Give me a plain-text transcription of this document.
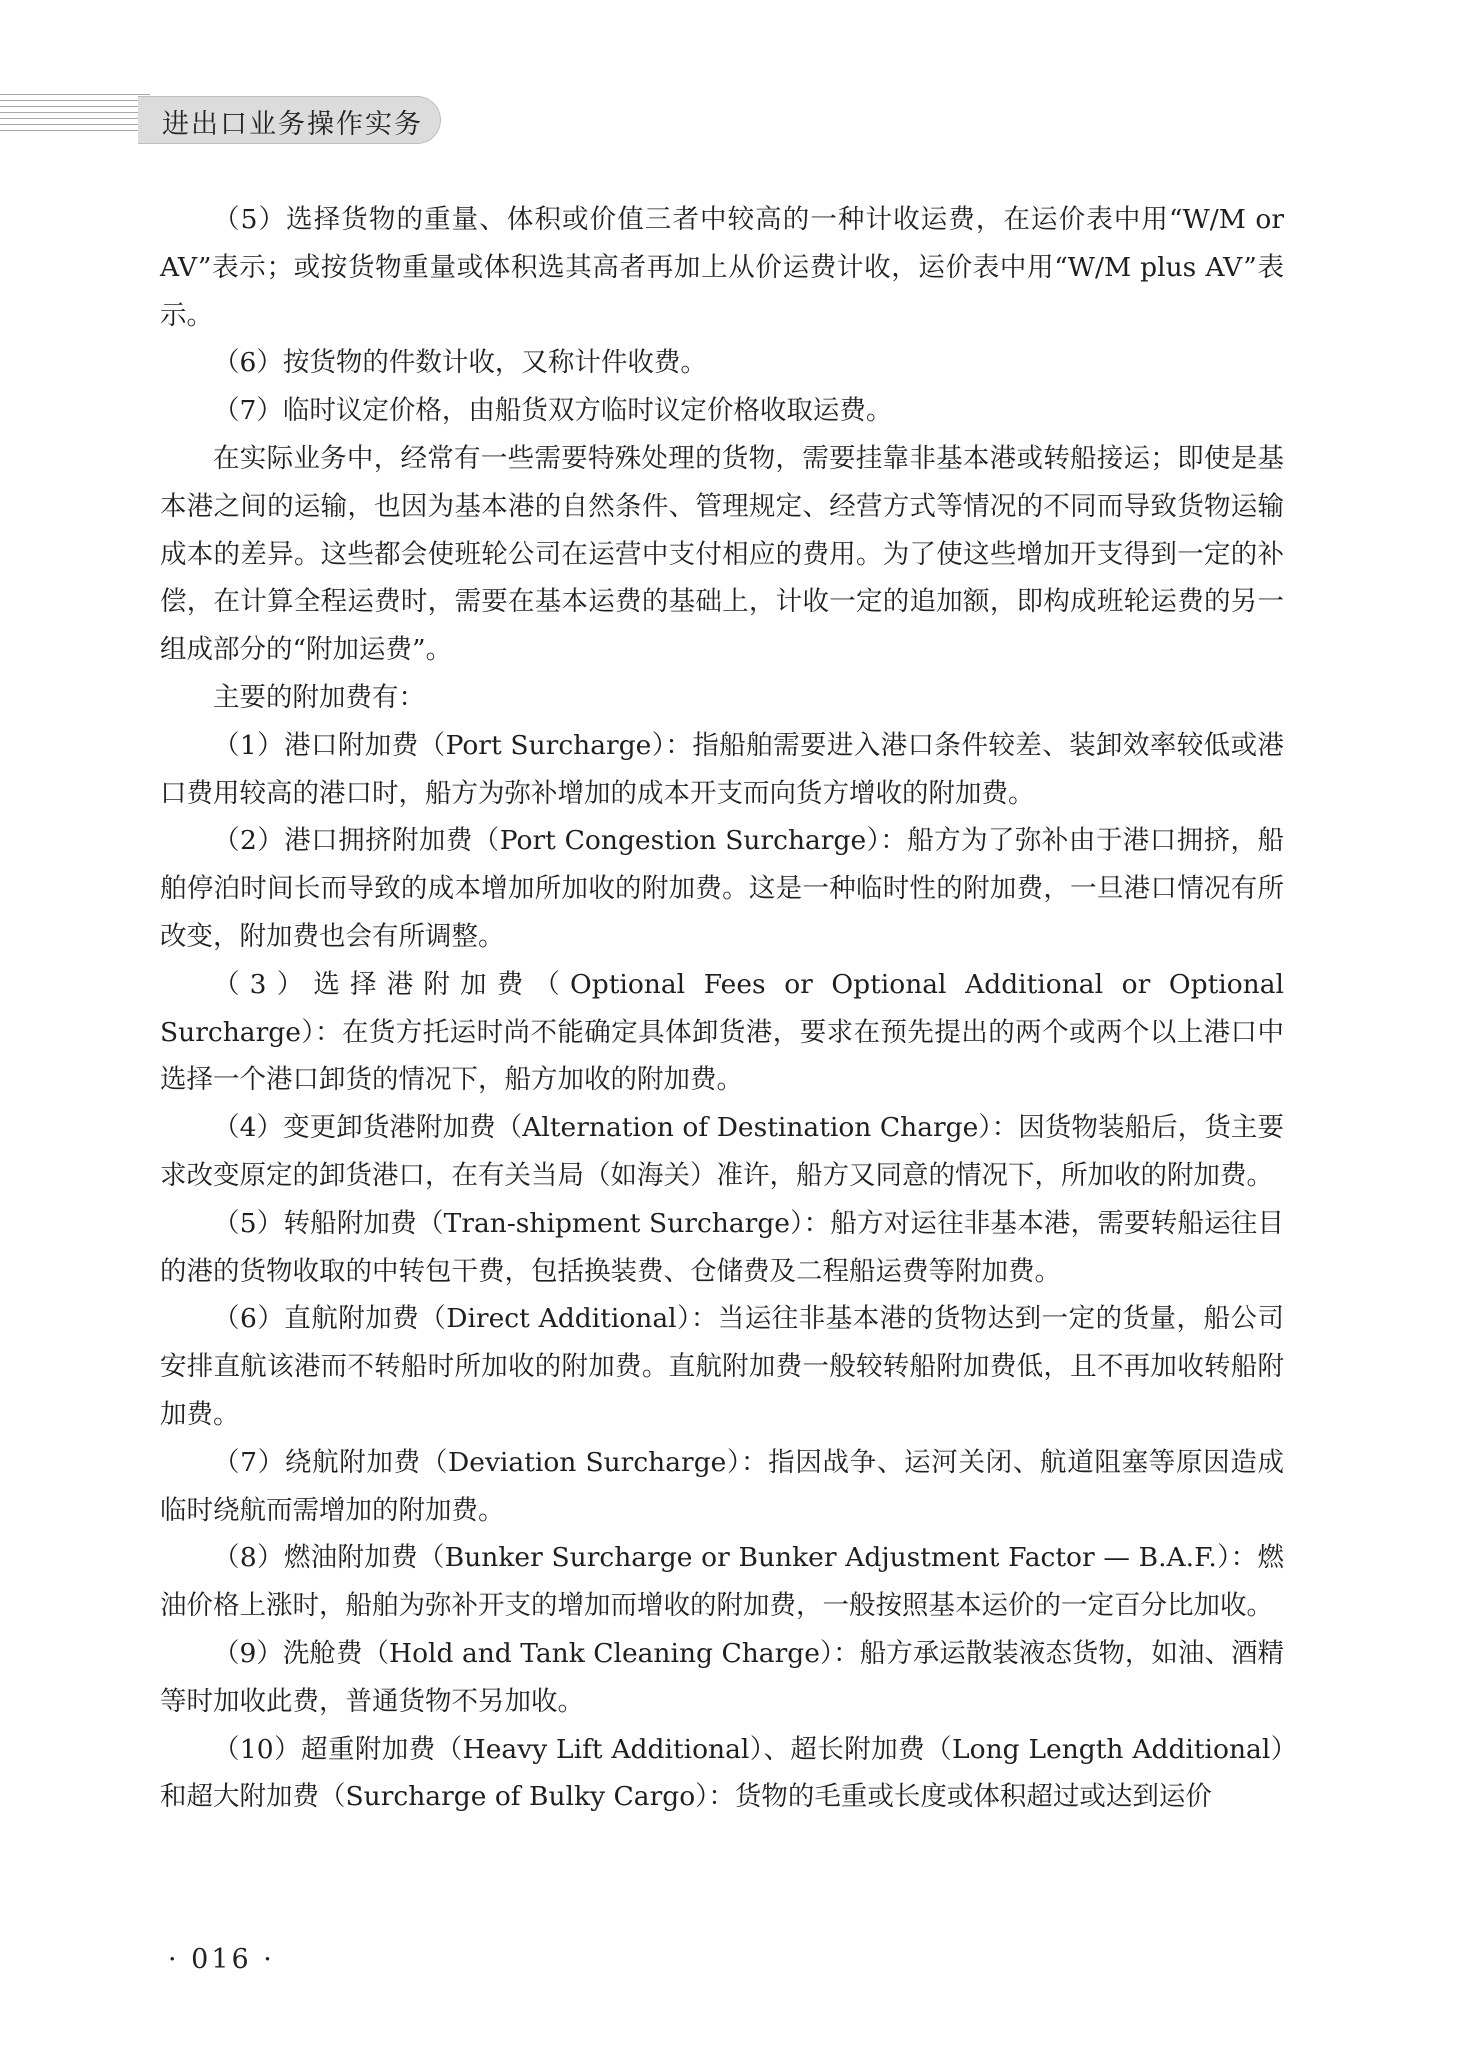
进出口业务操作实务

（5）选择货物的重量、体积或价值三者中较高的一种计收运费，在运价表中用“W/M or AV”表示；或按货物重量或体积选其高者再加上从价运费计收，运价表中用“W/M plus AV”表示。

（6）按货物的件数计收，又称计件收费。

（7）临时议定价格，由船货双方临时议定价格收取运费。

在实际业务中，经常有一些需要特殊处理的货物，需要挂靠非基本港或转船接运；即使是基本港之间的运输，也因为基本港的自然条件、管理规定、经营方式等情况的不同而导致货物运输成本的差异。这些都会使班轮公司在运营中支付相应的费用。为了使这些增加开支得到一定的补偿，在计算全程运费时，需要在基本运费的基础上，计收一定的追加额，即构成班轮运费的另一组成部分的“附加运费”。

主要的附加费有：

（1）港口附加费（Port Surcharge）：指船舶需要进入港口条件较差、装卸效率较低或港口费用较高的港口时，船方为弥补增加的成本开支而向货方增收的附加费。

（2）港口拥挤附加费（Port Congestion Surcharge）：船方为了弥补由于港口拥挤，船舶停泊时间长而导致的成本增加所加收的附加费。这是一种临时性的附加费，一旦港口情况有所改变，附加费也会有所调整。

（3）选择港附加费（Optional Fees or Optional Additional or Optional Surcharge）：在货方托运时尚不能确定具体卸货港，要求在预先提出的两个或两个以上港口中选择一个港口卸货的情况下，船方加收的附加费。

（4）变更卸货港附加费（Alternation of Destination Charge）：因货物装船后，货主要求改变原定的卸货港口，在有关当局（如海关）准许，船方又同意的情况下，所加收的附加费。

（5）转船附加费（Tran-shipment Surcharge）：船方对运往非基本港，需要转船运往目的港的货物收取的中转包干费，包括换装费、仓储费及二程船运费等附加费。

（6）直航附加费（Direct Additional）：当运往非基本港的货物达到一定的货量，船公司安排直航该港而不转船时所加收的附加费。直航附加费一般较转船附加费低，且不再加收转船附加费。

（7）绕航附加费（Deviation Surcharge）：指因战争、运河关闭、航道阻塞等原因造成临时绕航而需增加的附加费。

（8）燃油附加费（Bunker Surcharge or Bunker Adjustment Factor — B.A.F.）：燃油价格上涨时，船舶为弥补开支的增加而增收的附加费，一般按照基本运价的一定百分比加收。

（9）洗舱费（Hold and Tank Cleaning Charge）：船方承运散装液态货物，如油、酒精等时加收此费，普通货物不另加收。

（10）超重附加费（Heavy Lift Additional）、超长附加费（Long Length Additional）和超大附加费（Surcharge of Bulky Cargo）：货物的毛重或长度或体积超过或达到运价

· 016 ·
